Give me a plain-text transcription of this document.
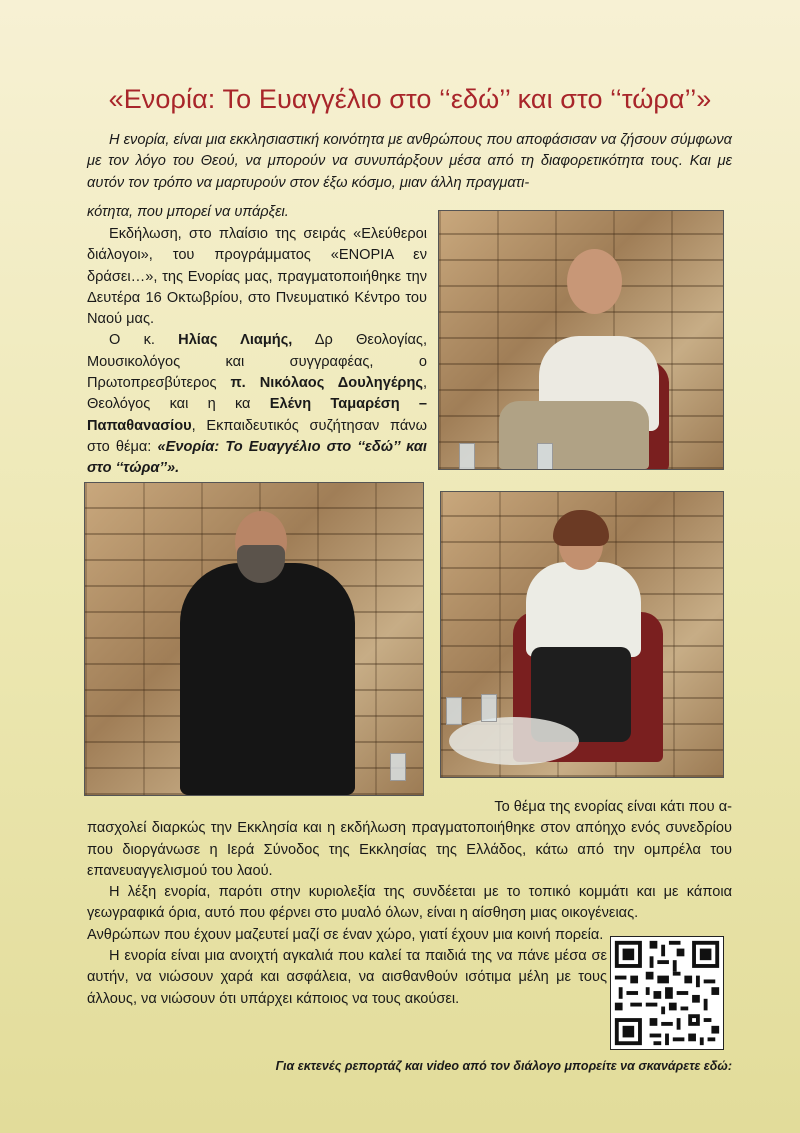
«Ενορία: Το Ευαγγέλιο στο ‘‘εδώ’’ και στο ‘‘τώρα’’»

Η ενορία, είναι μια εκκλησιαστική κοινότητα με ανθρώπους που αποφάσισαν να ζήσουν σύμφωνα με τον λόγο του Θεού, να μπορούν να συνυπάρξουν μέσα από τη διαφορετικότητα τους. Και με αυτόν τον τρόπο να μαρτυρούν στον έξω κόσμο, μιαν άλλη πραγματι-

κότητα, που μπορεί να υπάρξει.

Εκδήλωση, στο πλαίσιο της σειράς «Ελεύθεροι διάλογοι», του προγράμματος «ΕΝΟΡΙΑ εν δράσει…», της Ενορίας μας, πραγματοποιήθηκε την Δευτέρα 16 Οκτωβρίου, στο Πνευματικό Κέντρο του Ναού μας.

Ο κ. Ηλίας Λιαμής, Δρ Θεολογίας, Μουσικολόγος και συγγραφέας, ο Πρωτοπρεσβύτερος π. Νικόλαος Δουληγέρης, Θεολόγος και η κα Ελένη Ταμαρέση – Παπαθανασίου, Εκπαιδευτικός συζήτησαν πάνω στο θέμα: «Ενορία: Το Ευαγγέλιο στο ‘‘εδώ’’ και στο ‘‘τώρα’’».

Το θέμα της ενορίας είναι κάτι που α-
πασχολεί διαρκώς την Εκκλησία και η εκδήλωση πραγματοποιήθηκε στον απόηχο ενός συνεδρίου που διοργάνωσε η Ιερά Σύνοδος της Εκκλησίας της Ελλάδος, κάτω από την ομπρέλα του επανευαγγελισμού του λαού.

Η λέξη ενορία, παρότι στην κυριολεξία της συνδέεται με το τοπικό κομμάτι και με κάποια γεωγραφικά όρια, αυτό που φέρνει στο μυαλό όλων, είναι η αίσθηση μιας οικογένειας.

Ανθρώπων που έχουν μαζευτεί μαζί σε έναν χώρο, γιατί έχουν μια κοινή πορεία.

Η ενορία είναι μια ανοιχτή αγκαλιά που καλεί τα παιδιά της να πάνε μέσα σε αυτήν, να νιώσουν χαρά και ασφάλεια, να αισθανθούν ισότιμα μέλη με τους άλλους, να νιώσουν ότι υπάρχει κάποιος να τους ακούσει.

Για εκτενές ρεπορτάζ και video από τον διάλογο μπορείτε να σκανάρετε εδώ:
